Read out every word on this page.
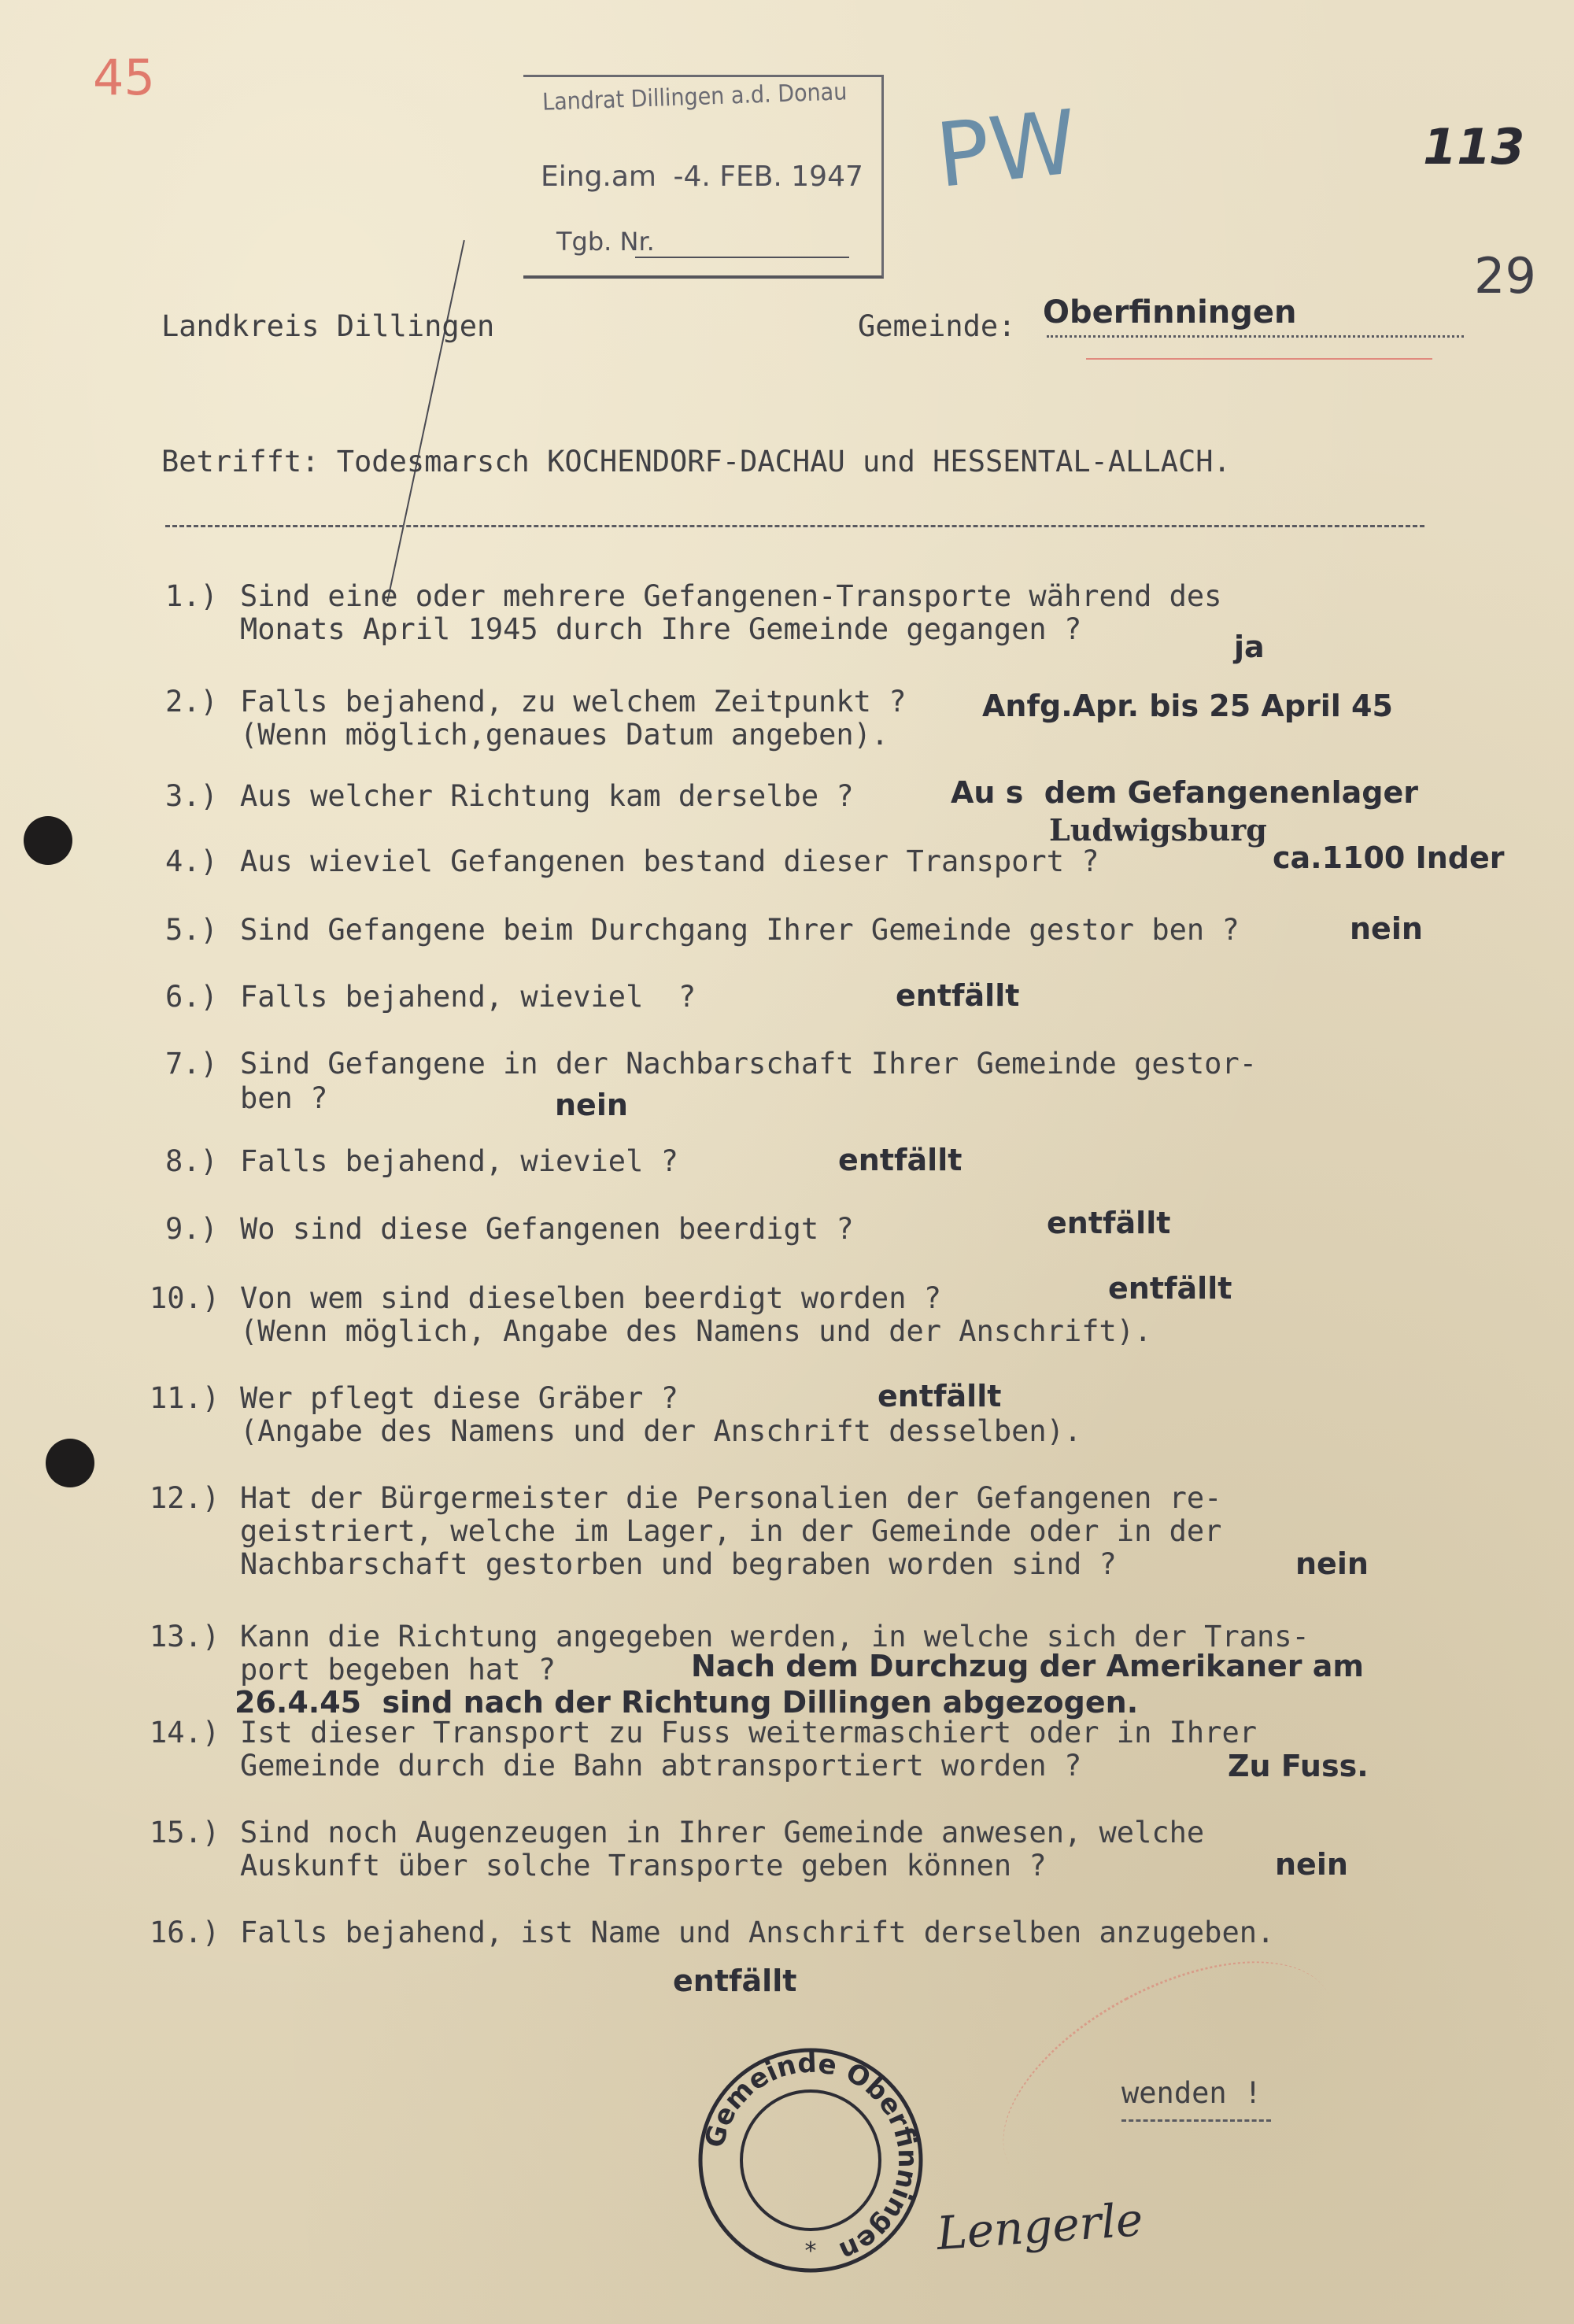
45	Landrat Dillingen a.d. Donau
Eing.am -4. FEB. 1947
Tgb. Nr.
PW	113
29
Landkreis Dillingen	Gemeinde: Oberfinningen
Betrifft: Todesmarsch KOCHENDORF-DACHAU und HESSENTAL-ALLACH.
1.) Sind eine oder mehrere Gefangenen-Transporte während des
Monats April 1945 durch Ihre Gemeinde gegangen ?
ja
2.) Falls bejahend, zu welchem Zeitpunkt ?
(Wenn möglich,genaues Datum angeben).
Anfg.Apr. bis 25 April 45
3.) Aus welcher Richtung kam derselbe ?	Au s  dem Gefangenenlager
Ludwigsburg
4.) Aus wieviel Gefangenen bestand dieser Transport ?	ca.1100 Inder
5.) Sind Gefangene beim Durchgang Ihrer Gemeinde gestor ben ?	nein
6.) Falls bejahend, wieviel  ?	entfällt
7.) Sind Gefangene in der Nachbarschaft Ihrer Gemeinde gestor-
ben ?	nein
8.) Falls bejahend, wieviel ?	entfällt
9.) Wo sind diese Gefangenen beerdigt ?	entfällt
10.) Von wem sind dieselben beerdigt worden ?
(Wenn möglich, Angabe des Namens und der Anschrift).
entfällt
11.) Wer pflegt diese Gräber ?
(Angabe des Namens und der Anschrift desselben).
entfällt
12.) Hat der Bürgermeister die Personalien der Gefangenen re-
geistriert, welche im Lager, in der Gemeinde oder in der
Nachbarschaft gestorben und begraben worden sind ?	nein
13.) Kann die Richtung angegeben werden, in welche sich der Trans-
port begeben hat ?	Nach dem Durchzug der Amerikaner am
26.4.45  sind nach der Richtung Dillingen abgezogen.
14.) Ist dieser Transport zu Fuss weitermaschiert oder in Ihrer
Gemeinde durch die Bahn abtransportiert worden ?	Zu Fuss.
15.) Sind noch Augenzeugen in Ihrer Gemeinde anwesen, welche
Auskunft über solche Transporte geben können ?	nein
16.) Falls bejahend, ist Name und Anschrift derselben anzugeben.
entfällt
wenden !
Gemeinde Oberfinningen
*	Lengerle
